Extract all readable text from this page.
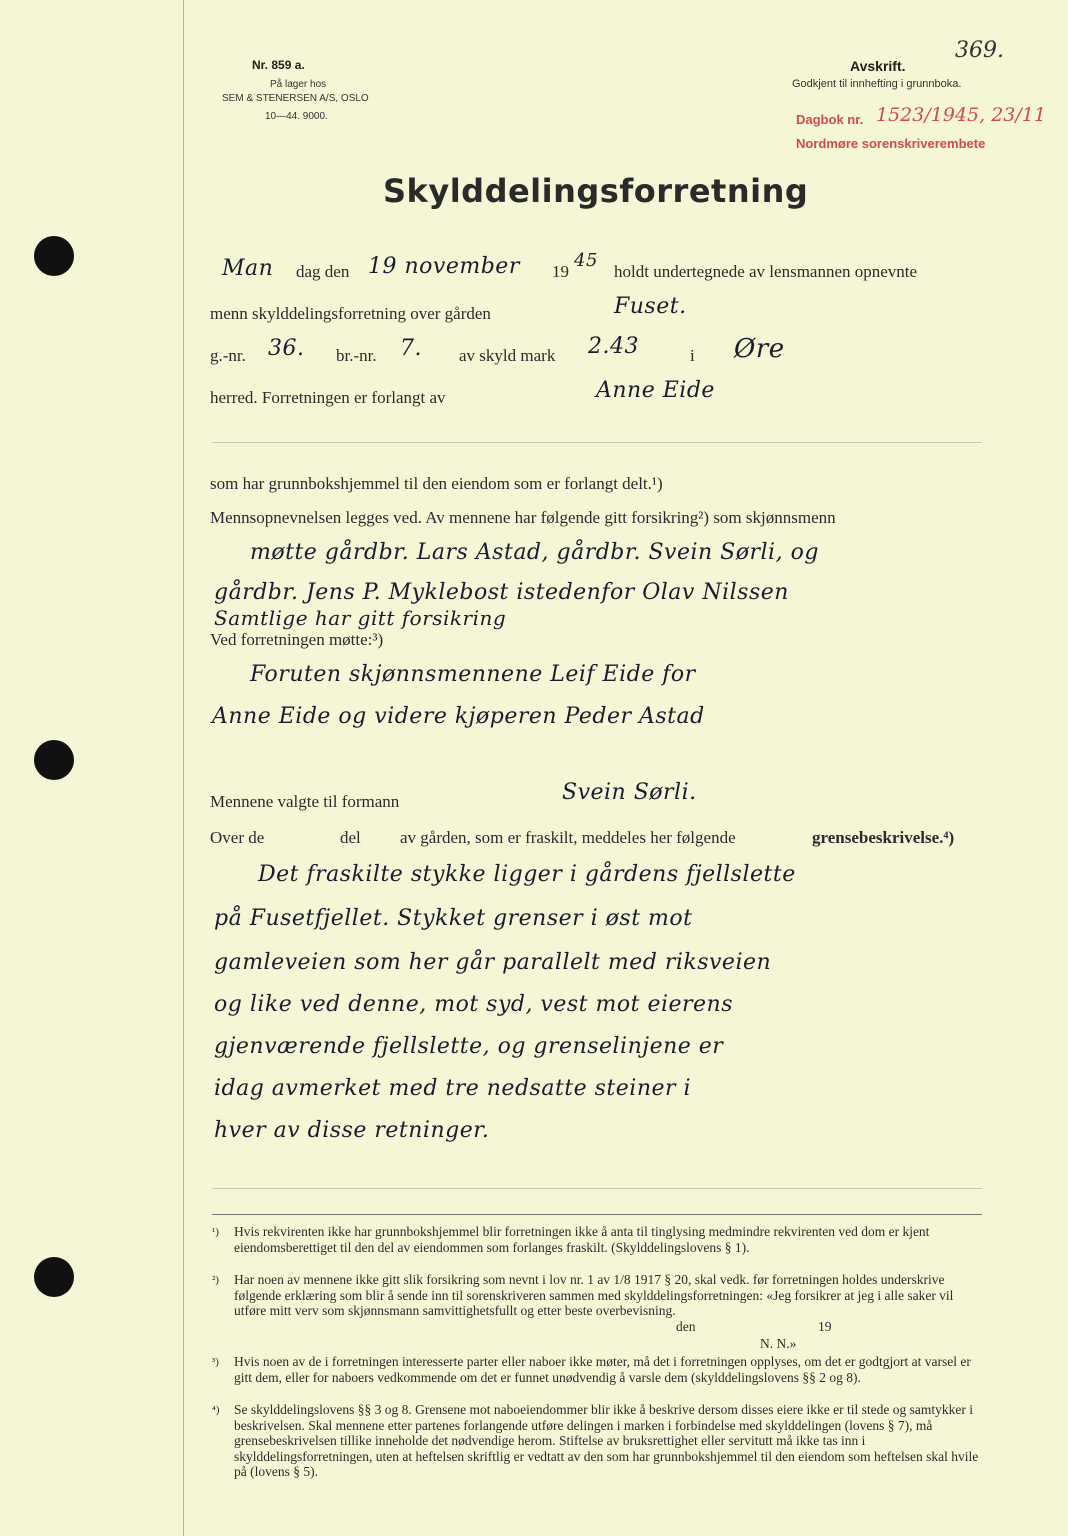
Nr. 859 a.
På lager hos
SEM & STENERSEN A/S, OSLO
10—44. 9000.
Avskrift.
Godkjent til innhefting i grunnboka.
369.
Dagbok nr. 1523/1945, 23/11
Nordmøre sorenskriverembete
Skylddelingsforretning
Man dag den 19 november 19
45
holdt undertegnede av lensmannen opnevnte
menn skylddelingsforretning over gården	Fuset.
g.-nr. 36. br.-nr. 7. av skyld mark 2.43	i Øre
herred. Forretningen er forlangt av	Anne Eide
som har grunnbokshjemmel til den eiendom som er forlangt delt.¹)
Mennsopnevnelsen legges ved. Av mennene har følgende gitt forsikring²) som skjønnsmenn
møtte gårdbr. Lars Astad, gårdbr. Svein Sørli, og
gårdbr. Jens P. Myklebost istedenfor Olav Nilssen
Samtlige har gitt forsikring
Ved forretningen møtte:³)
Foruten skjønnsmennene Leif Eide for
Anne Eide og videre kjøperen Peder Astad
Mennene valgte til formann	Svein Sørli.
Over de	del av gården, som er fraskilt, meddeles her følgende	grensebeskrivelse.⁴)
Det fraskilte stykke ligger i gårdens fjellslette
på Fusetfjellet. Stykket grenser i øst mot
gamleveien som her går parallelt med riksveien
og like ved denne, mot syd, vest mot eierens
gjenværende fjellslette, og grenselinjene er
idag avmerket med tre nedsatte steiner i
hver av disse retninger.
¹) Hvis rekvirenten ikke har grunnbokshjemmel blir forretningen ikke å anta til tinglysing medmindre rekvirenten ved dom er kjent eiendomsberettiget til den del av eiendommen som forlanges fraskilt. (Skylddelingslovens § 1).
²) Har noen av mennene ikke gitt slik forsikring som nevnt i lov nr. 1 av 1/8 1917 § 20, skal vedk. før forretningen holdes underskrive følgende erklæring som blir å sende inn til sorenskriveren sammen med skylddelingsforretningen: «Jeg forsikrer at jeg i alle saker vil utføre mitt verv som skjønnsmann samvittighetsfullt og etter beste overbevisning.
den	19
N. N.»
³) Hvis noen av de i forretningen interesserte parter eller naboer ikke møter, må det i forretningen opplyses, om det er godtgjort at varsel er gitt dem, eller for naboers vedkommende om det er funnet unødvendig å varsle dem (skylddelingslovens §§ 2 og 8).
⁴) Se skylddelingslovens §§ 3 og 8. Grensene mot naboeiendommer blir ikke å beskrive dersom disses eiere ikke er til stede og samtykker i beskrivelsen. Skal mennene etter partenes forlangende utføre delingen i marken i forbindelse med skylddelingen (lovens § 7), må grensebeskrivelsen tillike inneholde det nødvendige herom. Stiftelse av bruksrettighet eller servitutt må ikke tas inn i skylddelingsforretningen, uten at heftelsen skriftlig er vedtatt av den som har grunnbokshjemmel til den eiendom som heftelsen skal hvile på (lovens § 5).
